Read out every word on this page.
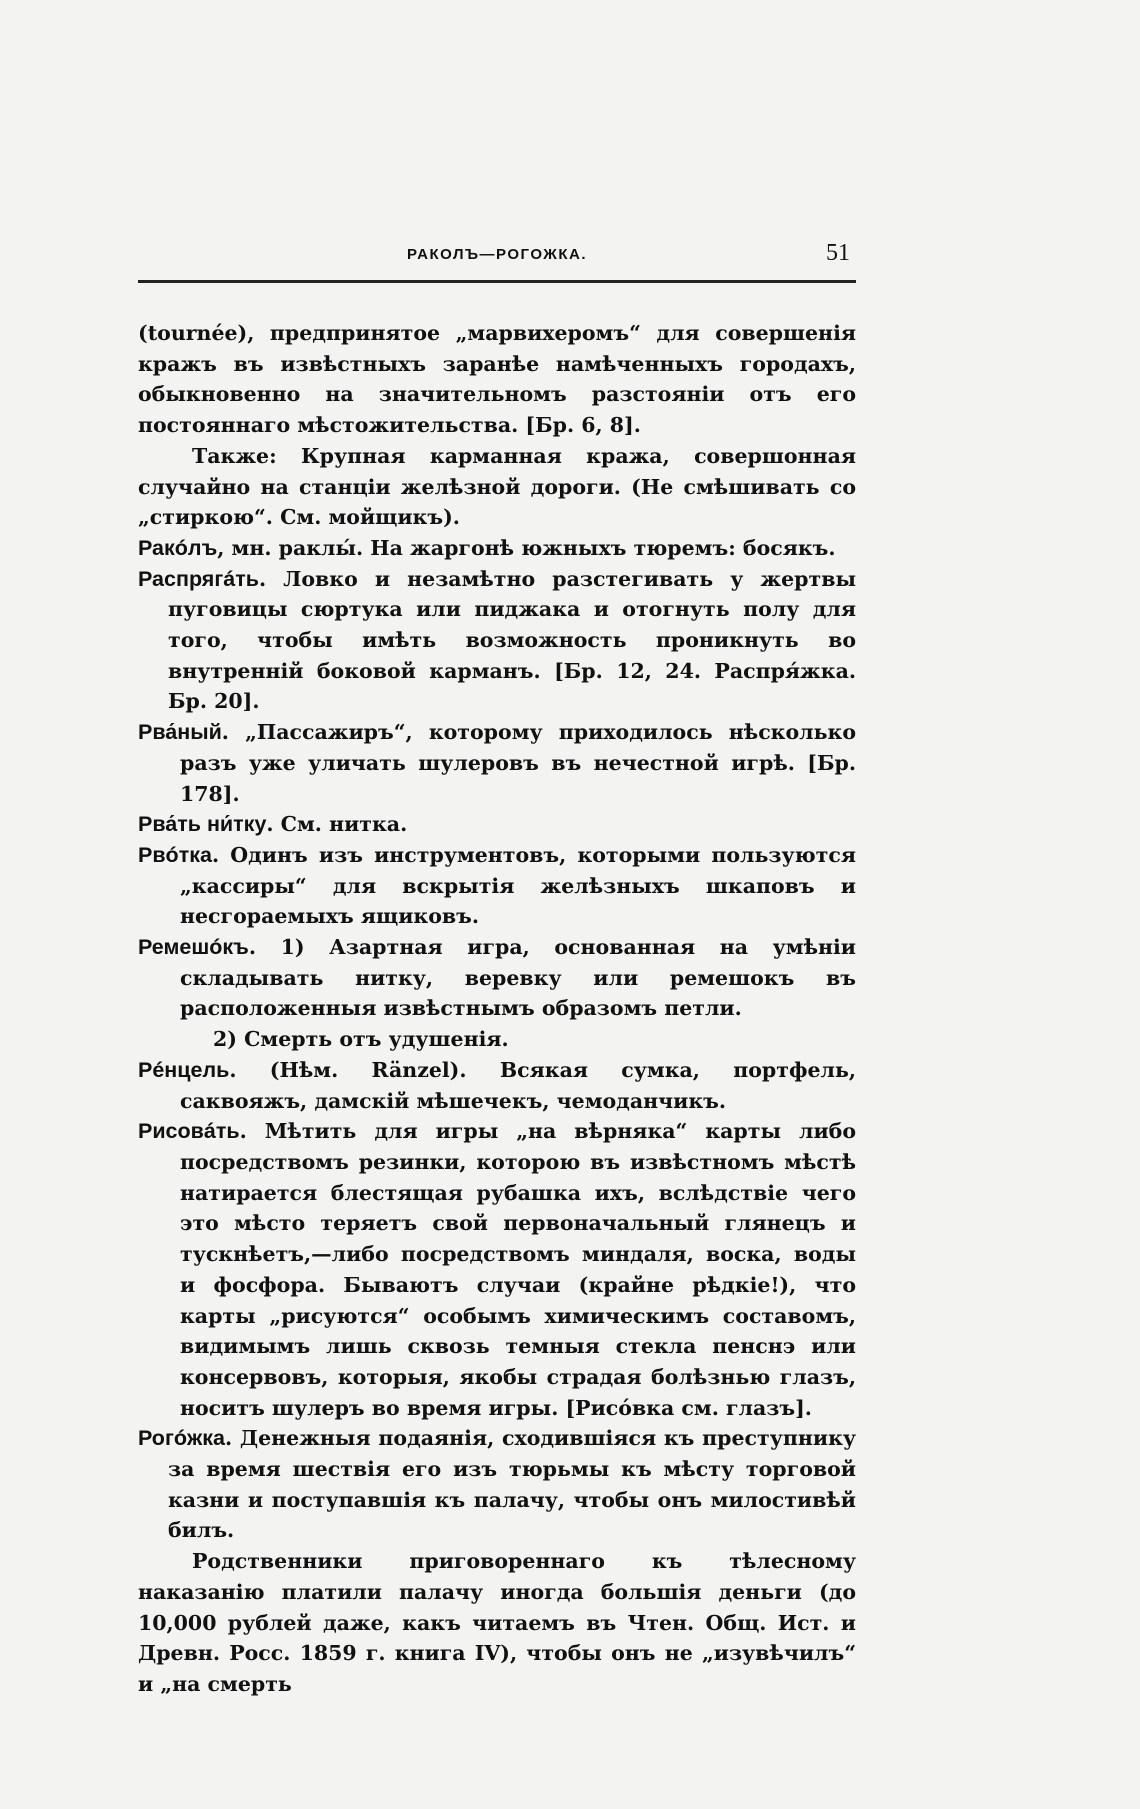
РАКОЛЪ—РОГОЖКА.	51

(tournée), предпринятое „марвихеромъ“ для совершенія кражъ въ извѣстныхъ заранѣе намѣченныхъ городахъ, обыкновенно на значительномъ разстояніи отъ его постояннаго мѣстожительства. [Бр. 6, 8].

Также: Крупная карманная кража, совершонная случайно на станціи желѣзной дороги. (Не смѣшивать со „стиркою“. См. мойщикъ).

Ракóлъ, мн. раклы́. На жаргонѣ южныхъ тюремъ: босякъ.

Распрягáть. Ловко и незамѣтно разстегивать у жертвы пуговицы сюртука или пиджака и отогнуть полу для того, чтобы имѣть возможность проникнуть во внутренній боковой карманъ. [Бр. 12, 24. Распря́жка. Бр. 20].

Рва́ный. „Пассажиръ“, которому приходилось нѣсколько разъ уже уличать шулеровъ въ нечестной игрѣ. [Бр. 178].

Рва́ть ни́тку. См. нитка.

Рвóтка. Одинъ изъ инструментовъ, которыми пользуются „кассиры“ для вскрытія желѣзныхъ шкаповъ и несгораемыхъ ящиковъ.

Ремешóкъ. 1) Азартная игра, основанная на умѣніи складывать нитку, веревку или ремешокъ въ расположенныя извѣстнымъ образомъ петли.

2) Смерть отъ удушенія.

Рéнцель. (Нѣм. Ränzel). Всякая сумка, портфель, саквояжъ, дамскій мѣшечекъ, чемоданчикъ.

Рисовáть. Мѣтить для игры „на вѣрняка“ карты либо посредствомъ резинки, которою въ извѣстномъ мѣстѣ натирается блестящая рубашка ихъ, вслѣдствіе чего это мѣсто теряетъ свой первоначальный глянецъ и тускнѣетъ,—либо посредствомъ миндаля, воска, воды и фосфора. Бываютъ случаи (крайне рѣдкіе!), что карты „рисуются“ особымъ химическимъ составомъ, видимымъ лишь сквозь темныя стекла пенснэ или консервовъ, которыя, якобы страдая болѣзнью глазъ, носитъ шулеръ во время игры. [Рисóвка см. глазъ].

Рогóжка. Денежныя подаянія, сходившіяся къ преступнику за время шествія его изъ тюрьмы къ мѣсту торговой казни и поступавшія къ палачу, чтобы онъ милостивѣй билъ.

Родственники приговореннаго къ тѣлесному наказанію платили палачу иногда большія деньги (до 10,000 рублей даже, какъ читаемъ въ Чтен. Общ. Ист. и Древн. Росс. 1859 г. книга IV), чтобы онъ не „изувѣчилъ“ и „на смерть
